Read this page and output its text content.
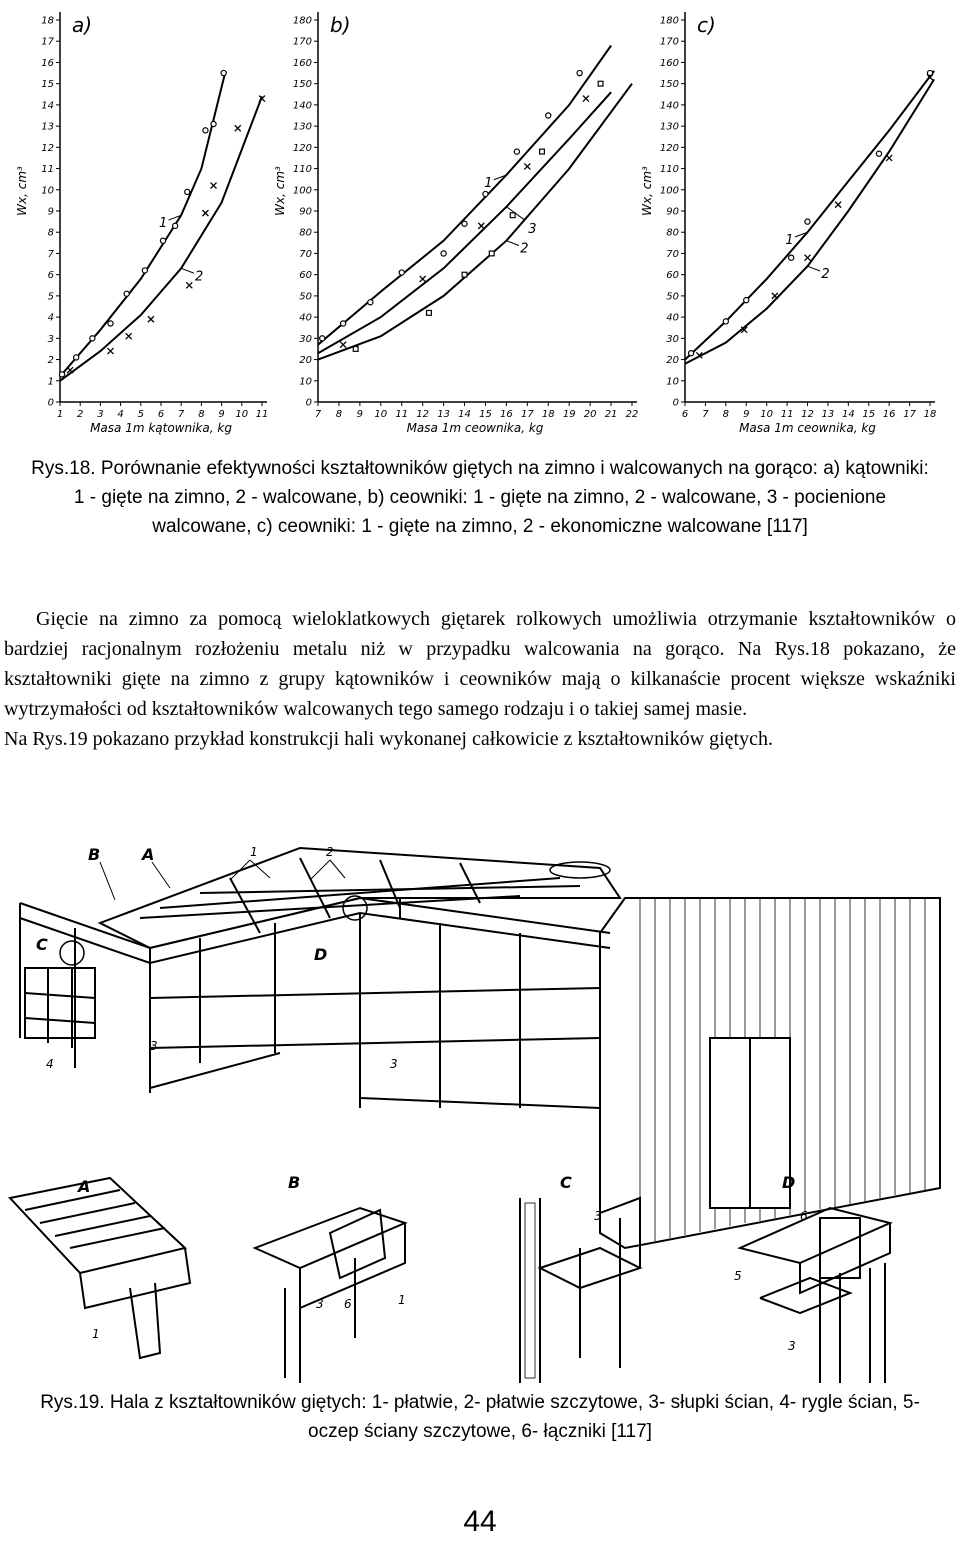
0
1
2
3
4
5
6
7
8
9
10
11
12
13
14
15
16
17
18
1 2 3 4 5 6 7 8 9 10 11
Masa 1m kątownika, kg
Wx, cm³
a)
1
2
0
10
20
30
40
50
60
70
80
90
100
110
120
130
140
150
160
170
180
7 8 9 10 11 12 13 14 15 16 17 18 19 20 21 22
Masa 1m ceownika, kg
Wx, cm³
b)
1
2
3
0
10
20
30
40
50
60
70
80
90
100
110
120
130
140
150
160
170
180
6 7 8 9 10 11 12 13 14 15 16 17 18
Masa 1m ceownika, kg
Wx, cm³
c)
1
2
Rys.18. Porównanie efektywności kształtowników giętych na zimno i walcowanych na gorąco: a) kątowniki: 1 - gięte na zimno, 2 - walcowane, b) ceowniki: 1 - gięte na zimno, 2 - walcowane, 3 - pocienione walcowane, c) ceowniki: 1 - gięte na zimno, 2 - ekonomiczne walcowane [117]

Gięcie na zimno za pomocą wieloklatkowych giętarek rolkowych umożliwia otrzymanie kształtowników o bardziej racjonalnym rozłożeniu metalu niż w przypadku walcowania na gorąco. Na Rys.18 pokazano, że kształtowniki gięte na zimno z grupy kątowników i ceowników mają o kilkanaście procent większe wskaźniki wytrzymałości od kształtowników walcowanych tego samego rodzaju i o takiej samej masie.

Na Rys.19 pokazano przykład konstrukcji hali wykonanej całkowicie z kształtowników giętych.

B	A
C
D
1	2
3
3
4
A	B	C	D
1
3 6	1
3	6
5
3
Rys.19. Hala z kształtowników giętych: 1- płatwie, 2- płatwie szczytowe, 3- słupki ścian, 4- rygle ścian, 5- oczep ściany szczytowe, 6- łączniki [117]
44
